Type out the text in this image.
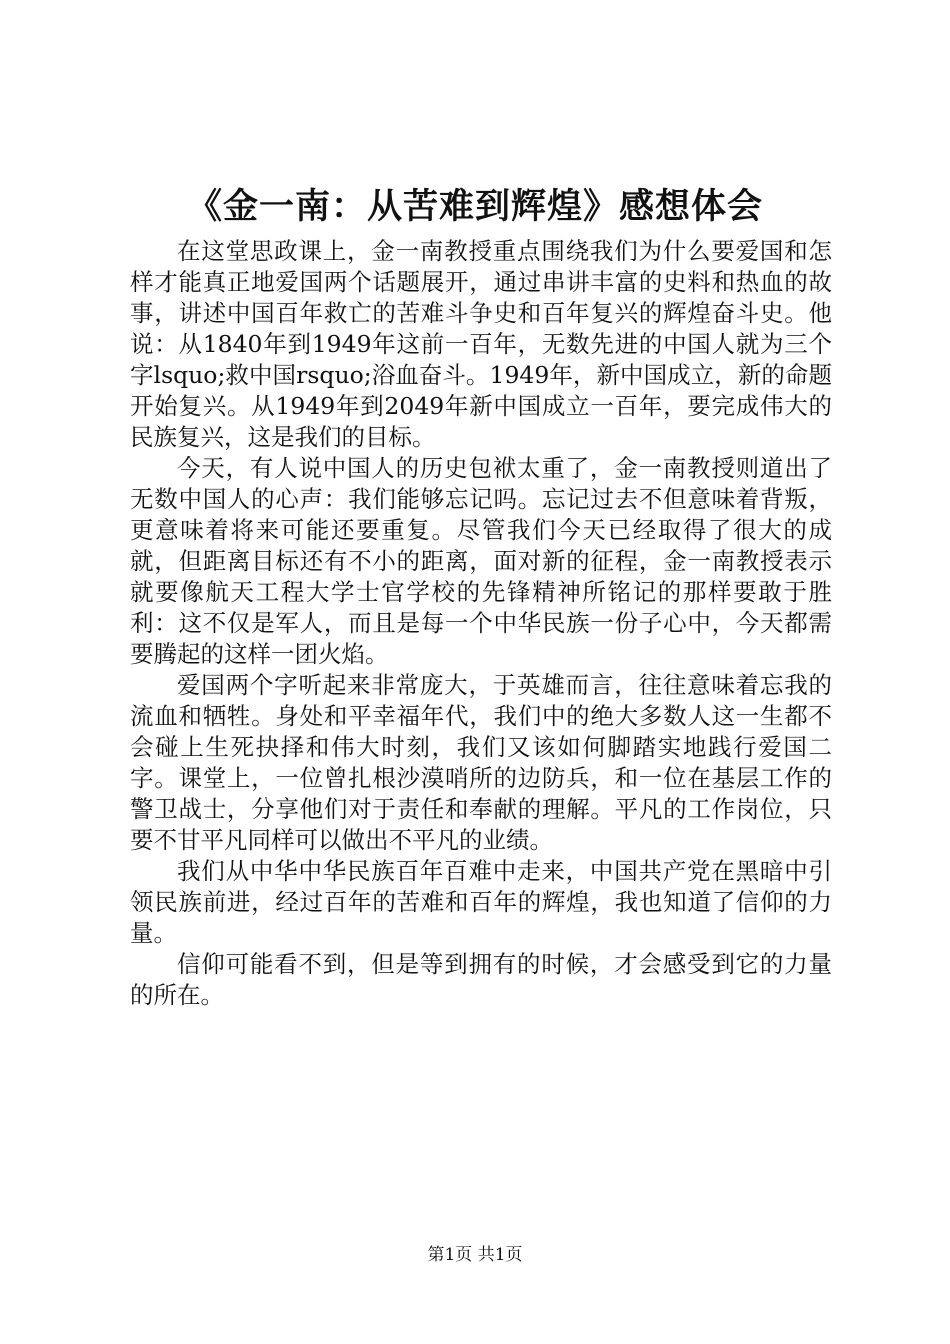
《金一南：从苦难到辉煌》感想体会

在这堂思政课上，金一南教授重点围绕我们为什么要爱国和怎样才能真正地爱国两个话题展开，通过串讲丰富的史料和热血的故事，讲述中国百年救亡的苦难斗争史和百年复兴的辉煌奋斗史。他说：从1840年到1949年这前一百年，无数先进的中国人就为三个字lsquo;救中国rsquo;浴血奋斗。1949年，新中国成立，新的命题开始复兴。从1949年到2049年新中国成立一百年，要完成伟大的民族复兴，这是我们的目标。

今天，有人说中国人的历史包袱太重了，金一南教授则道出了无数中国人的心声：我们能够忘记吗。忘记过去不但意味着背叛，更意味着将来可能还要重复。尽管我们今天已经取得了很大的成就，但距离目标还有不小的距离，面对新的征程，金一南教授表示就要像航天工程大学士官学校的先锋精神所铭记的那样要敢于胜利：这不仅是军人，而且是每一个中华民族一份子心中，今天都需要腾起的这样一团火焰。

爱国两个字听起来非常庞大，于英雄而言，往往意味着忘我的流血和牺牲。身处和平幸福年代，我们中的绝大多数人这一生都不会碰上生死抉择和伟大时刻，我们又该如何脚踏实地践行爱国二字。课堂上，一位曾扎根沙漠哨所的边防兵，和一位在基层工作的警卫战士，分享他们对于责任和奉献的理解。平凡的工作岗位，只要不甘平凡同样可以做出不平凡的业绩。

我们从中华中华民族百年百难中走来，中国共产党在黑暗中引领民族前进，经过百年的苦难和百年的辉煌，我也知道了信仰的力量。

信仰可能看不到，但是等到拥有的时候，才会感受到它的力量的所在。

第1页 共1页
